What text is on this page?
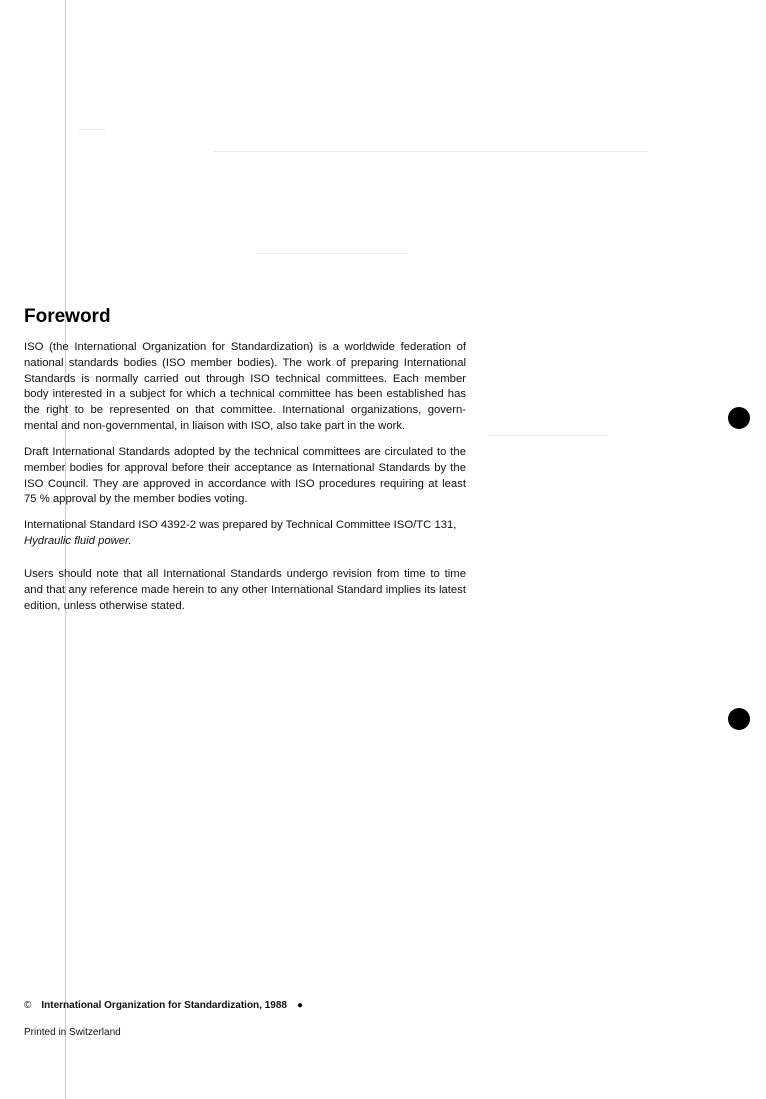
Foreword

ISO (the International Organization for Standardization) is a worldwide federation of national standards bodies (ISO member bodies). The work of preparing International Standards is normally carried out through ISO technical committees. Each member body interested in a subject for which a technical committee has been established has the right to be represented on that committee. International organizations, govern- mental and non-governmental, in liaison with ISO, also take part in the work.

Draft International Standards adopted by the technical committees are circulated to the member bodies for approval before their acceptance as International Standards by the ISO Council. They are approved in accordance with ISO procedures requiring at least 75 % approval by the member bodies voting.

International Standard ISO 4392-2 was prepared by Technical Committee ISO/TC 131,
Hydraulic fluid power.

Users should note that all International Standards undergo revision from time to time and that any reference made herein to any other International Standard implies its latest edition, unless otherwise stated.

© International Organization for Standardization, 1988 ●
Printed in Switzerland
